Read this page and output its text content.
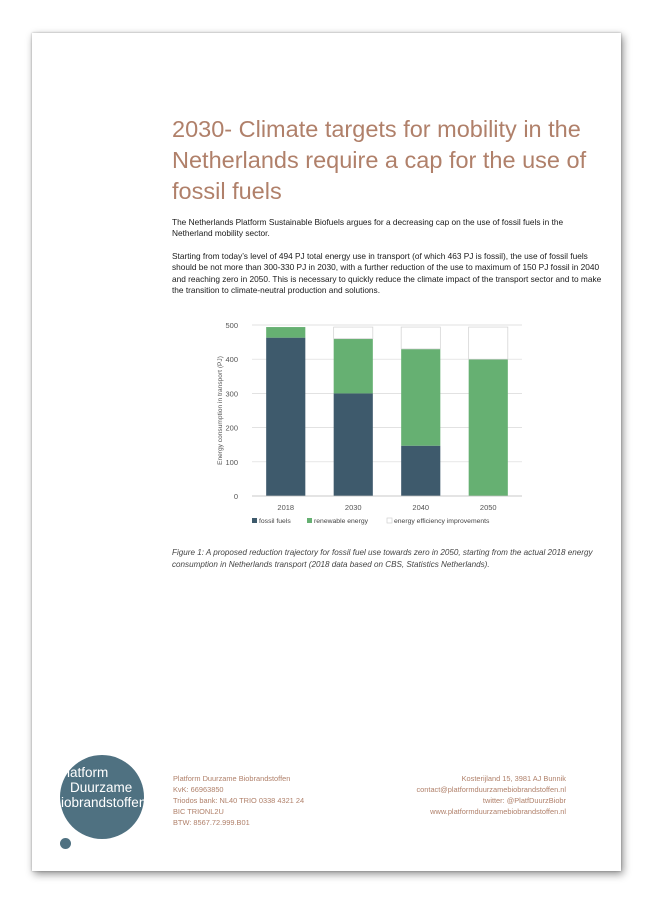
2030- Climate targets for mobility in the Netherlands require a cap for the use of fossil fuels
The Netherlands Platform Sustainable Biofuels argues for a decreasing cap on the use of fossil fuels in the Netherland mobility sector.
Starting from today’s level of 494 PJ total energy use in transport (of which 463 PJ is fossil), the use of fossil fuels should be not more than 300-330 PJ in 2030, with a further reduction of the use to maximum of 150 PJ fossil in 2040 and reaching zero in 2050. This is necessary to quickly reduce the climate impact of the transport sector and to make the transition to climate-neutral production and solutions.
0
100
200
300
400
500
Energy consumption in transport (PJ)
2018	2030	2040	2050
fossil fuels	renewable energy	energy efficiency improvements
Figure 1: A proposed reduction trajectory for fossil fuel use towards zero in 2050, starting from the actual 2018 energy consumption in Netherlands transport (2018 data based on CBS, Statistics Netherlands).
Platform
Duurzame
Biobrandstoffen
Platform Duurzame Biobrandstoffen
KvK: 66963850
Triodos bank: NL40 TRIO 0338 4321 24
BIC TRIONL2U
BTW: 8567.72.999.B01
Kosterijland 15, 3981 AJ Bunnik
contact@platformduurzamebiobrandstoffen.nl
twitter: @PlatfDuurzBiobr
www.platformduurzamebiobrandstoffen.nl
